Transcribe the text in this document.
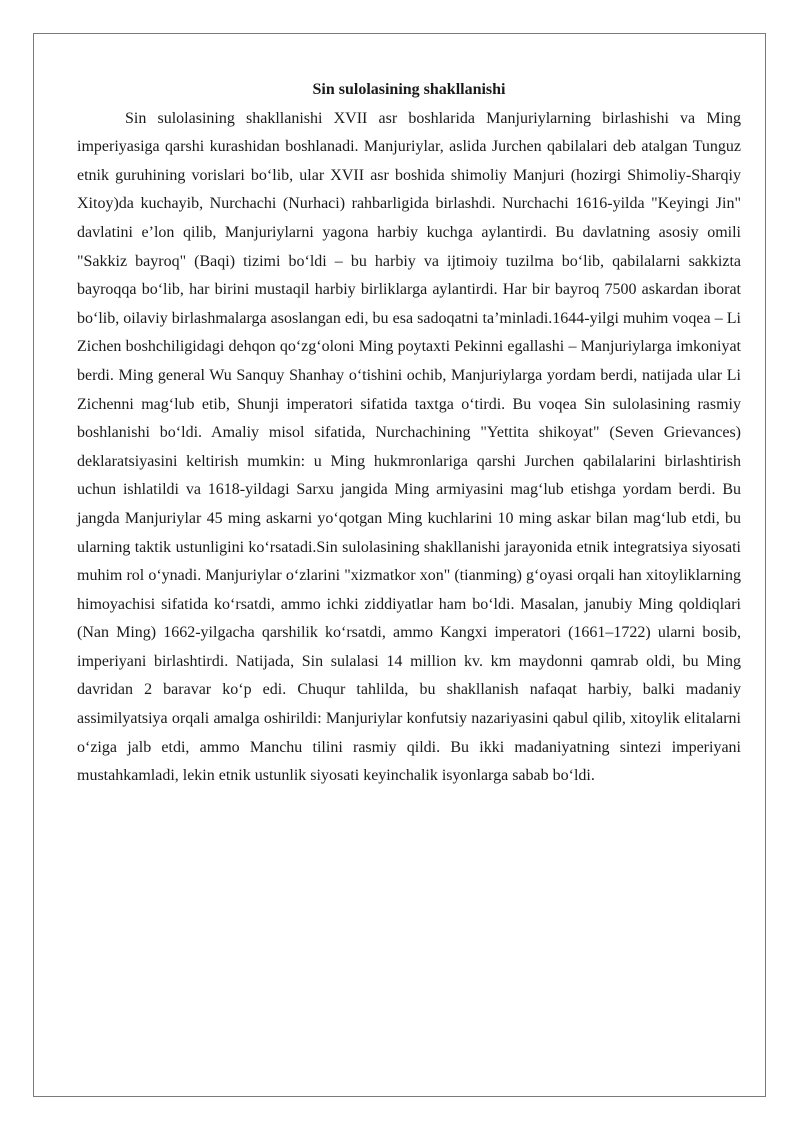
Sin sulolasining shakllanishi

Sin sulolasining shakllanishi XVII asr boshlarida Manjuriylarning birlashishi va Ming imperiyasiga qarshi kurashidan boshlanadi. Manjuriylar, aslida Jurchen qabilalari deb atalgan Tunguz etnik guruhining vorislari bo‘lib, ular XVII asr boshida shimoliy Manjuri (hozirgi Shimoliy-Sharqiy Xitoy)da kuchayib, Nurchachi (Nurhaci) rahbarligida birlashdi. Nurchachi 1616-yilda "Keyingi Jin" davlatini e’lon qilib, Manjuriylarni yagona harbiy kuchga aylantirdi. Bu davlatning asosiy omili "Sakkiz bayroq" (Baqi) tizimi bo‘ldi – bu harbiy va ijtimoiy tuzilma bo‘lib, qabilalarni sakkizta bayroqqa bo‘lib, har birini mustaqil harbiy birliklarga aylantirdi. Har bir bayroq 7500 askardan iborat bo‘lib, oilaviy birlashmalarga asoslangan edi, bu esa sadoqatni ta’minladi.1644-yilgi muhim voqea – Li Zichen boshchiligidagi dehqon qo‘zg‘oloni Ming poytaxti Pekinni egallashi – Manjuriylarga imkoniyat berdi. Ming general Wu Sanquy Shanhay o‘tishini ochib, Manjuriylarga yordam berdi, natijada ular Li Zichenni mag‘lub etib, Shunji imperatori sifatida taxtga o‘tirdi. Bu voqea Sin sulolasining rasmiy boshlanishi bo‘ldi. Amaliy misol sifatida, Nurchachining "Yettita shikoyat" (Seven Grievances) deklaratsiyasini keltirish mumkin: u Ming hukmronlariga qarshi Jurchen qabilalarini birlashtirish uchun ishlatildi va 1618-yildagi Sarxu jangida Ming armiyasini mag‘lub etishga yordam berdi. Bu jangda Manjuriylar 45 ming askarni yo‘qotgan Ming kuchlarini 10 ming askar bilan mag‘lub etdi, bu ularning taktik ustunligini ko‘rsatadi.Sin sulolasining shakllanishi jarayonida etnik integratsiya siyosati muhim rol o‘ynadi. Manjuriylar o‘zlarini "xizmatkor xon" (tianming) g‘oyasi orqali han xitoyliklarning himoyachisi sifatida ko‘rsatdi, ammo ichki ziddiyatlar ham bo‘ldi. Masalan, janubiy Ming qoldiqlari (Nan Ming) 1662-yilgacha qarshilik ko‘rsatdi, ammo Kangxi imperatori (1661–1722) ularni bosib, imperiyani birlashtirdi. Natijada, Sin sulalasi 14 million kv. km maydonni qamrab oldi, bu Ming davridan 2 baravar ko‘p edi. Chuqur tahlilda, bu shakllanish nafaqat harbiy, balki madaniy assimilyatsiya orqali amalga oshirildi: Manjuriylar konfutsiy nazariyasini qabul qilib, xitoylik elitalarni o‘ziga jalb etdi, ammo Manchu tilini rasmiy qildi. Bu ikki madaniyatning sintezi imperiyani mustahkamladi, lekin etnik ustunlik siyosati keyinchalik isyonlarga sabab bo‘ldi.
